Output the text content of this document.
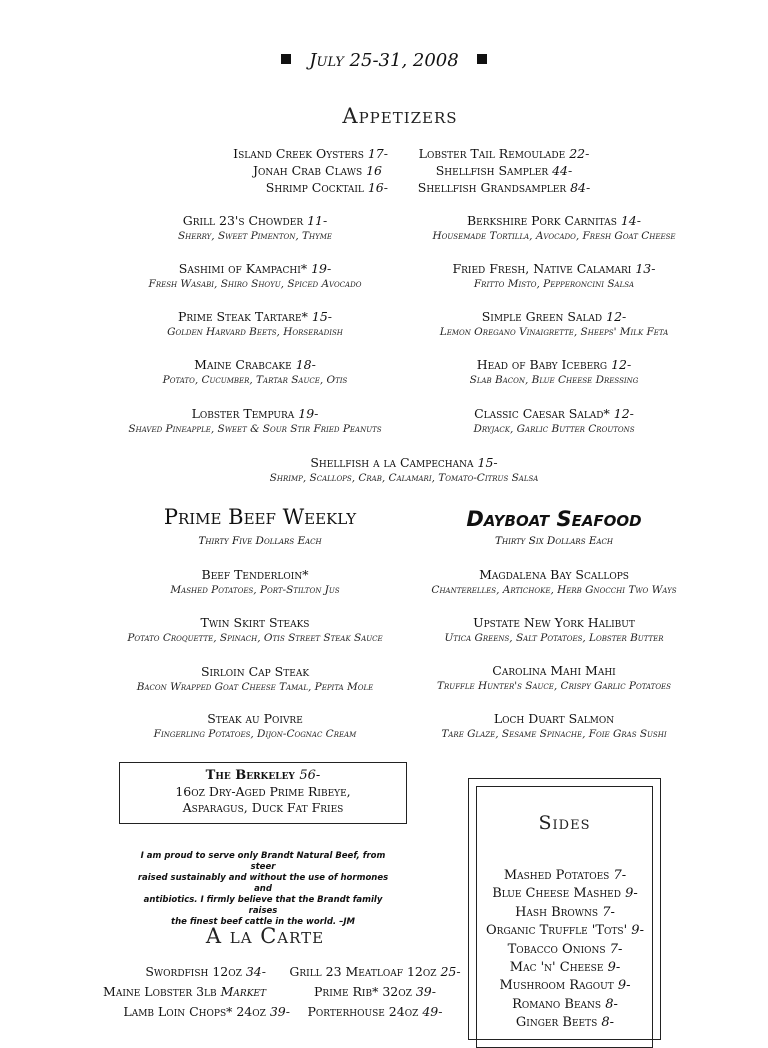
July 25-31, 2008
Appetizers
Island Creek Oysters 17-
Jonah Crab Claws 16
Shrimp Cocktail 16-
Lobster Tail Remoulade 22-
Shellfish Sampler 44-
Shellfish Grandsampler 84-
Grill 23's Chowder 11-
Sherry, Sweet Pimenton, Thyme
Sashimi of Kampachi* 19-
Fresh Wasabi, Shiro Shoyu, Spiced Avocado
Prime Steak Tartare* 15-
Golden Harvard Beets, Horseradish
Maine Crabcake 18-
Potato, Cucumber, Tartar Sauce, Otis
Lobster Tempura 19-
Shaved Pineapple, Sweet & Sour Stir Fried Peanuts
Berkshire Pork Carnitas 14-
Housemade Tortilla, Avocado, Fresh Goat Cheese
Fried Fresh, Native Calamari 13-
Fritto Misto, Pepperoncini Salsa
Simple Green Salad 12-
Lemon Oregano Vinaigrette, Sheeps' Milk Feta
Head of Baby Iceberg 12-
Slab Bacon, Blue Cheese Dressing
Classic Caesar Salad* 12-
Dryjack, Garlic Butter Croutons
Shellfish a la Campechana 15-
Shrimp, Scallops, Crab, Calamari, Tomato-Citrus Salsa
Prime Beef Weekly
Thirty Five Dollars Each
Dayboat Seafood
Thirty Six Dollars Each
Beef Tenderloin*
Mashed Potatoes, Port-Stilton Jus
Twin Skirt Steaks
Potato Croquette, Spinach, Otis Street Steak Sauce
Sirloin Cap Steak
Bacon Wrapped Goat Cheese Tamal, Pepita Mole
Steak au Poivre
Fingerling Potatoes, Dijon-Cognac Cream
Magdalena Bay Scallops
Chanterelles, Artichoke, Herb Gnocchi Two Ways
Upstate New York Halibut
Utica Greens, Salt Potatoes, Lobster Butter
Carolina Mahi Mahi
Truffle Hunter's Sauce, Crispy Garlic Potatoes
Loch Duart Salmon
Tare Glaze, Sesame Spinache, Foie Gras Sushi
The Berkeley 56-
16oz Dry-Aged Prime Ribeye,
Asparagus, Duck Fat Fries
I am proud to serve only Brandt Natural Beef, from steer
raised sustainably and without the use of hormones and
antibiotics. I firmly believe that the Brandt family raises
the finest beef cattle in the world. –JM
A la Carte
Swordfish 12oz 34-
Maine Lobster 3lb Market
Lamb Loin Chops* 24oz 39-
Grill 23 Meatloaf 12oz 25-
Prime Rib* 32oz 39-
Porterhouse 24oz 49-
Sides
Mashed Potatoes 7-
Blue Cheese Mashed 9-
Hash Browns 7-
Organic Truffle 'Tots' 9-
Tobacco Onions 7-
Mac 'n' Cheese 9-
Mushroom Ragout 9-
Romano Beans 8-
Ginger Beets 8-
